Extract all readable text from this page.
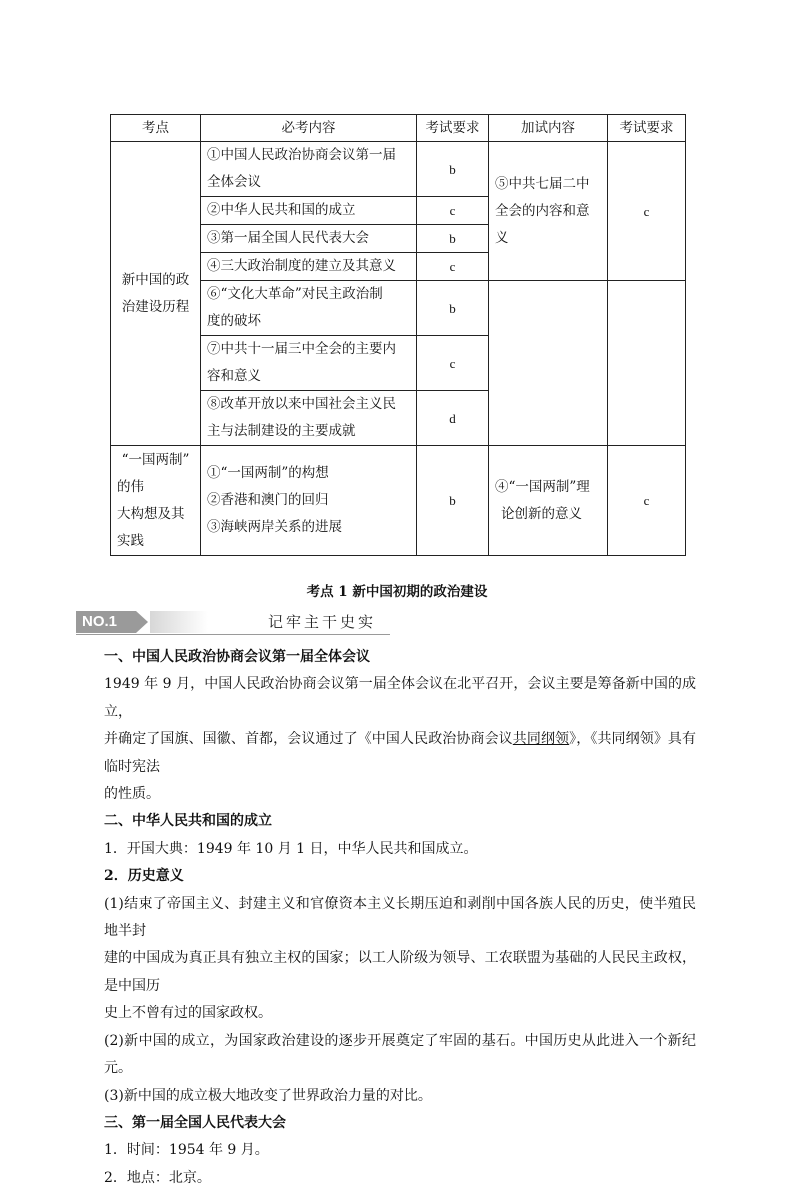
考点	必考内容	考试要求	加试内容	考试要求

新中国的政
治建设历程	①中国人民政治协商会议第一届
全体会议	b	⑤中共七届二中
全会的内容和意
义	c
	②中华人民共和国的成立	c		
	③第一届全国人民代表大会	b		
	④三大政治制度的建立及其意义	c		

	⑥“文化大革命”对民主政治制
度的破坏	b		

	⑦中共十一届三中全会的主要内
容和意义	c		

	⑧改革开放以来中国社会主义民
主与法制建设的主要成就	d		

“一国两制”
的伟
大构想及其
实践	①“一国两制”的构想
②香港和澳门的回归
③海峡两岸关系的进展	b	④“一国两制”理
论创新的意义	c
考点 1 新中国初期的政治建设
NO.1	记牢主干史实

一、中国人民政治协商会议第一届全体会议

1949 年 9 月，中国人民政治协商会议第一届全体会议在北平召开，会议主要是筹备新中国的成立，

并确定了国旗、国徽、首都，会议通过了《中国人民政治协商会议共同纲领》，《共同纲领》具有临时宪法

的性质。

二、中华人民共和国的成立

1．开国大典：1949 年 10 月 1 日，中华人民共和国成立。

2．历史意义

(1)结束了帝国主义、封建主义和官僚资本主义长期压迫和剥削中国各族人民的历史，使半殖民地半封

建的中国成为真正具有独立主权的国家；以工人阶级为领导、工农联盟为基础的人民民主政权，是中国历

史上不曾有过的国家政权。

(2)新中国的成立，为国家政治建设的逐步开展奠定了牢固的基石。中国历史从此进入一个新纪元。

(3)新中国的成立极大地改变了世界政治力量的对比。

三、第一届全国人民代表大会

1．时间：1954 年 9 月。

2．地点：北京。
